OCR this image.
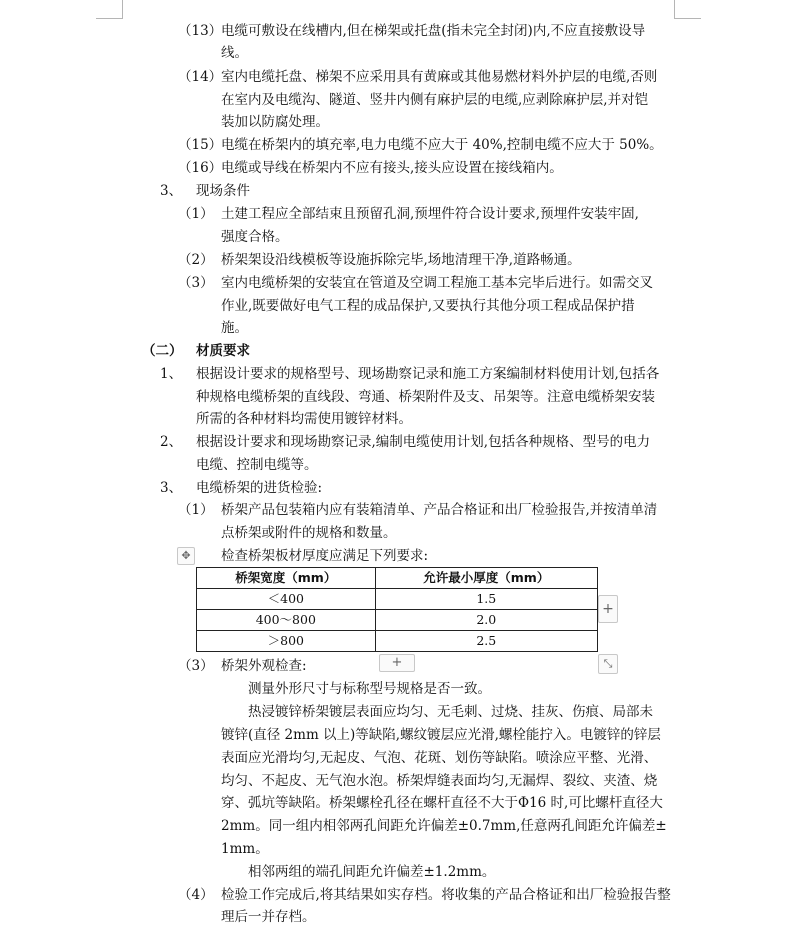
（13）
电缆可敷设在线槽内,但在梯架或托盘(指未完全封闭)内,不应直接敷设导
线。
（14）
室内电缆托盘、梯架不应采用具有黄麻或其他易燃材料外护层的电缆,否则
在室内及电缆沟、隧道、竖井内侧有麻护层的电缆,应剥除麻护层,并对铠
装加以防腐处理。
（15）
电缆在桥架内的填充率,电力电缆不应大于 40%,控制电缆不应大于 50%。
（16）
电缆或导线在桥架内不应有接头,接头应设置在接线箱内。
3、 现场条件
（1） 土建工程应全部结束且预留孔洞,预埋件符合设计要求,预埋件安装牢固,
强度合格。
（2） 桥架架设沿线模板等设施拆除完毕,场地清理干净,道路畅通。
（3） 室内电缆桥架的安装宜在管道及空调工程施工基本完毕后进行。如需交叉
作业,既要做好电气工程的成品保护,又要执行其他分项工程成品保护措
施。
（二） 材质要求
1、 根据设计要求的规格型号、现场勘察记录和施工方案编制材料使用计划,包括各
种规格电缆桥架的直线段、弯通、桥架附件及支、吊架等。注意电缆桥架安装
所需的各种材料均需使用镀锌材料。
2、 根据设计要求和现场勘察记录,编制电缆使用计划,包括各种规格、型号的电力
电缆、控制电缆等。
3、 电缆桥架的进货检验:
（1） 桥架产品包装箱内应有装箱清单、产品合格证和出厂检验报告,并按清单清
点桥架或附件的规格和数量。
✥	检查桥架板材厚度应满足下列要求:
桥架宽度（mm）	允许最小厚度（mm）
＜400	1.5
400～800	2.0
＞800	2.5
+
+	⤡
（3） 桥架外观检查:
测量外形尺寸与标称型号规格是否一致。
热浸镀锌桥架镀层表面应均匀、无毛刺、过烧、挂灰、伤痕、局部未
镀锌(直径 2mm 以上)等缺陷,螺纹镀层应光滑,螺栓能拧入。电镀锌的锌层
表面应光滑均匀,无起皮、气泡、花斑、划伤等缺陷。喷涂应平整、光滑、
均匀、不起皮、无气泡水泡。桥架焊缝表面均匀,无漏焊、裂纹、夹渣、烧
穿、弧坑等缺陷。桥架螺栓孔径在螺杆直径不大于Φ16 时,可比螺杆直径大
2mm。同一组内相邻两孔间距允许偏差±0.7mm,任意两孔间距允许偏差±
1mm。
相邻两组的端孔间距允许偏差±1.2mm。
（4） 检验工作完成后,将其结果如实存档。将收集的产品合格证和出厂检验报告整
理后一并存档。
